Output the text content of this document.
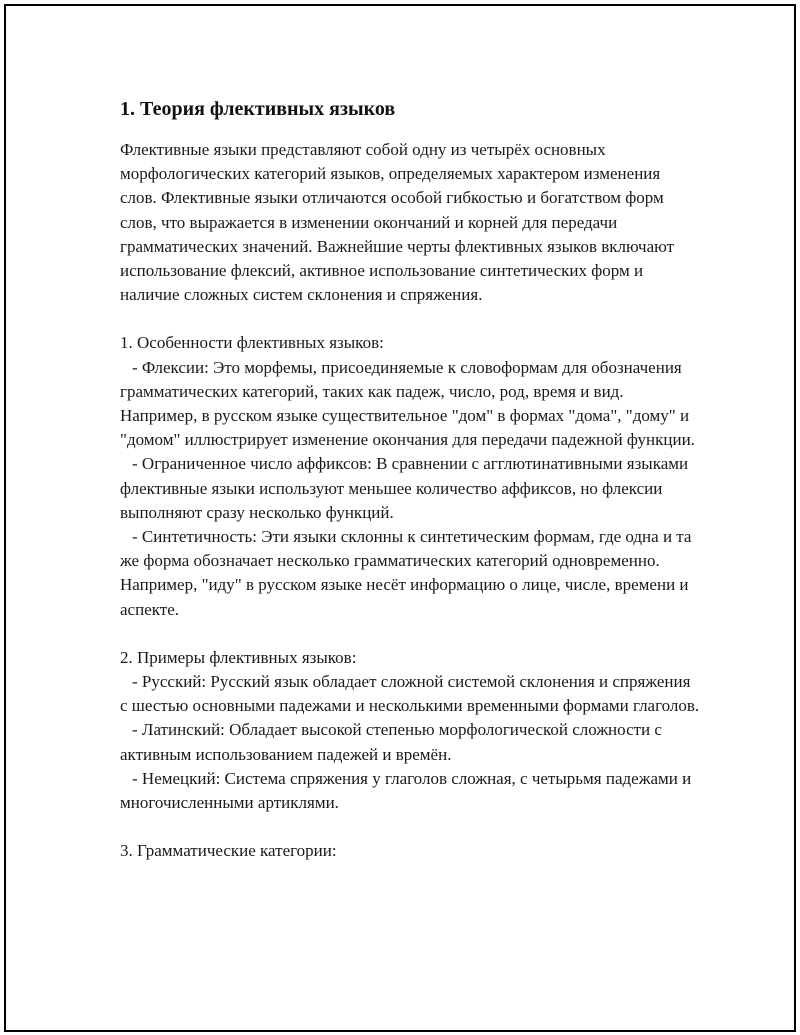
1. Теория флективных языков

Флективные языки представляют собой одну из четырёх основных морфологических категорий языков, определяемых характером изменения слов. Флективные языки отличаются особой гибкостью и богатством форм слов, что выражается в изменении окончаний и корней для передачи грамматических значений. Важнейшие черты флективных языков включают использование флексий, активное использование синтетических форм и наличие сложных систем склонения и спряжения.

1. Особенности флективных языков:

- Флексии: Это морфемы, присоединяемые к словоформам для обозначения грамматических категорий, таких как падеж, число, род, время и вид. Например, в русском языке существительное "дом" в формах "дома", "дому" и "домом" иллюстрирует изменение окончания для передачи падежной функции.

- Ограниченное число аффиксов: В сравнении с агглютинативными языками флективные языки используют меньшее количество аффиксов, но флексии выполняют сразу несколько функций.

- Синтетичность: Эти языки склонны к синтетическим формам, где одна и та же форма обозначает несколько грамматических категорий одновременно. Например, "иду" в русском языке несёт информацию о лице, числе, времени и аспекте.

2. Примеры флективных языков:

- Русский: Русский язык обладает сложной системой склонения и спряжения с шестью основными падежами и несколькими временными формами глаголов.

- Латинский: Обладает высокой степенью морфологической сложности с активным использованием падежей и времён.

- Немецкий: Система спряжения у глаголов сложная, с четырьмя падежами и многочисленными артиклями.

3. Грамматические категории:
